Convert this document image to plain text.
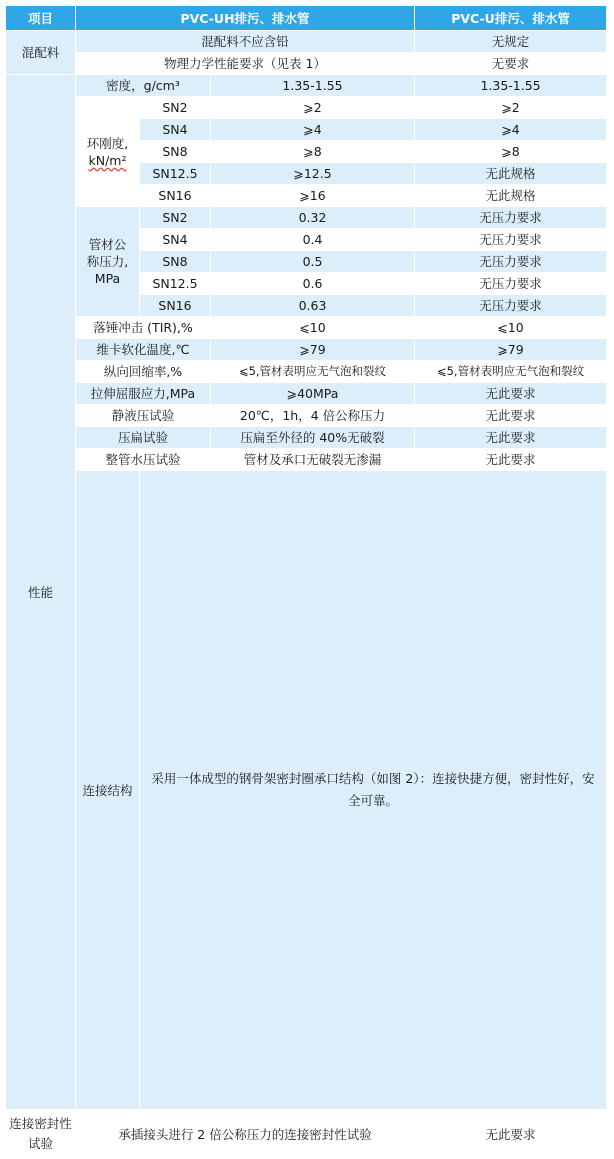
项目	PVC-UH排污、排水管			PVC-U排污、排水管	
混配料	混配料不应含铅			无规定	
	物理力学性能要求（见表 1）			无要求	
性能	密度，g/cm³		1.35-1.55	1.35-1.55	
	环刚度,
kN/m²	SN2	⩾2	⩾2	
		SN4	⩾4	⩾4	
		SN8	⩾8	⩾8	
		SN12.5	⩾12.5	无此规格	
		SN16	⩾16	无此规格	
	管材公
称压力,
MPa	SN2	0.32	无压力要求	
		SN4	0.4	无压力要求	
		SN8	0.5	无压力要求	
		SN12.5	0.6	无压力要求	
		SN16	0.63	无压力要求	
	落锤冲击 (TIR),%		⩽10	⩽10	
	维卡软化温度,℃		⩾79	⩾79	
	纵向回缩率,%		⩽5,管材表明应无气泡和裂纹	⩽5,管材表明应无气泡和裂纹	
	拉伸屈服应力,MPa		⩾40MPa	无此要求	
	静液压试验		20℃，1h，4 倍公称压力	无此要求	
	压扁试验		压扁至外径的 40%无破裂	无此要求	
	整管水压试验		管材及承口无破裂无渗漏	无此要求	
	连接结构	采用一体成型的钢骨架密封圈承口结构（如图 2）：连接快捷方便，密封性好，安全可靠。	
连接密封性试验	承插接头进行 2 倍公称压力的连接密封性试验			无此要求	
